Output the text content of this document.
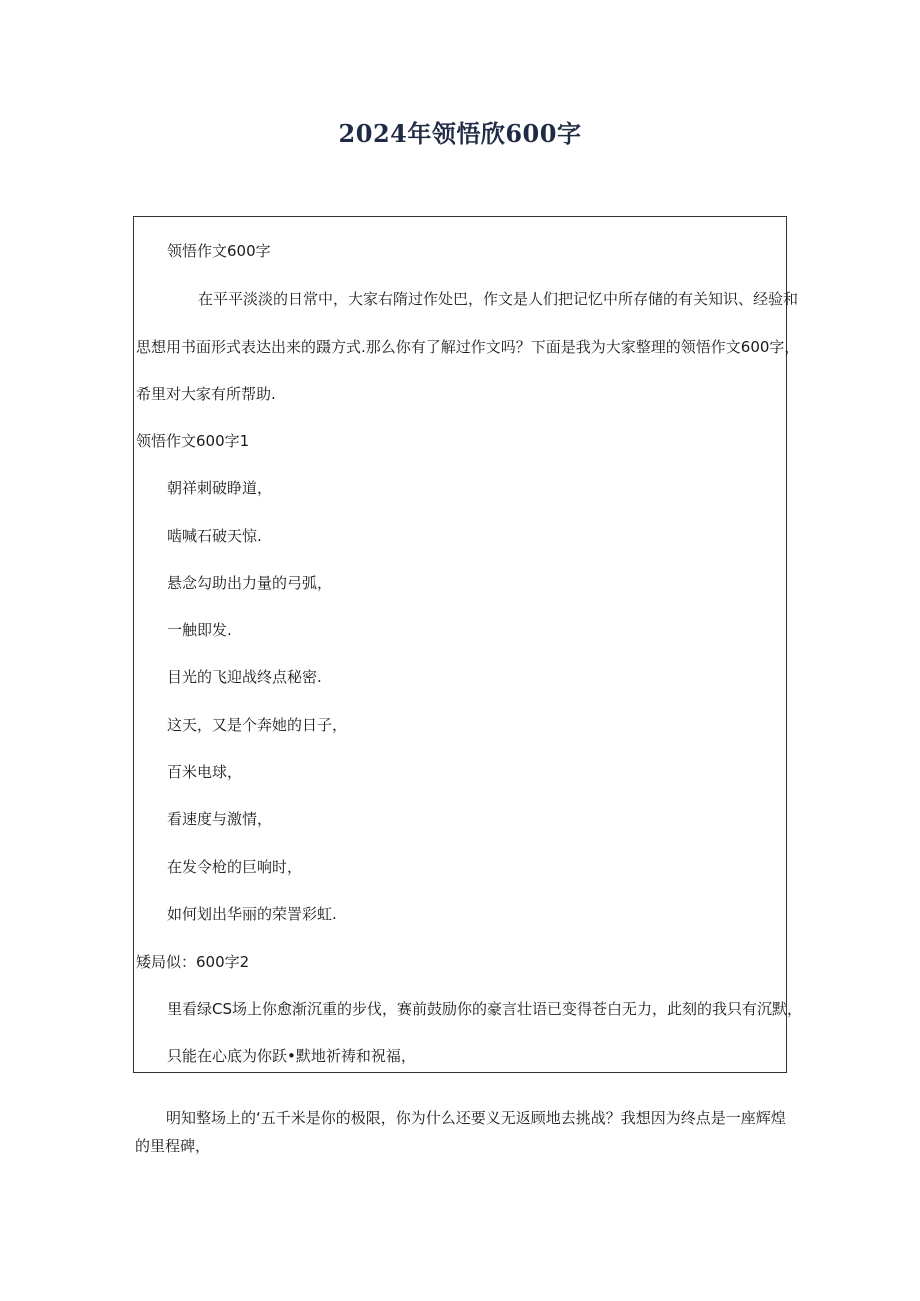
2024年领悟欣600字

领悟作文600字

在平平淡淡的日常中，大家右隋过作处巴，作文是人们把记忆中所存储的有关知识、经验和

思想用书面形式表达出来的蹑方式.那么你有了解过作文吗？下面是我为大家整理的领悟作文600字，

希里对大家有所帮助.

领悟作文600字1

朝祥刺破睁道，

啮喊石破天惊.

悬念勾助出力量的弓弧，

一触即发.

目光的飞迎战终点秘密.

这天，又是个奔她的日子，

百米电球，

看速度与激情，

在发令枪的巨响时，

如何划出华丽的荣詈彩虹.

矮局似：600字2

里看绿CS场上你愈渐沉重的步伐，赛前鼓励你的豪言壮语已变得苍白无力，此刻的我只有沉默，

只能在心底为你跃•默地祈祷和祝福，

明知整场上的‘五千米是你的极限，你为什么还要义无返顾地去挑战？我想因为终点是一座辉煌

的里程碑，
